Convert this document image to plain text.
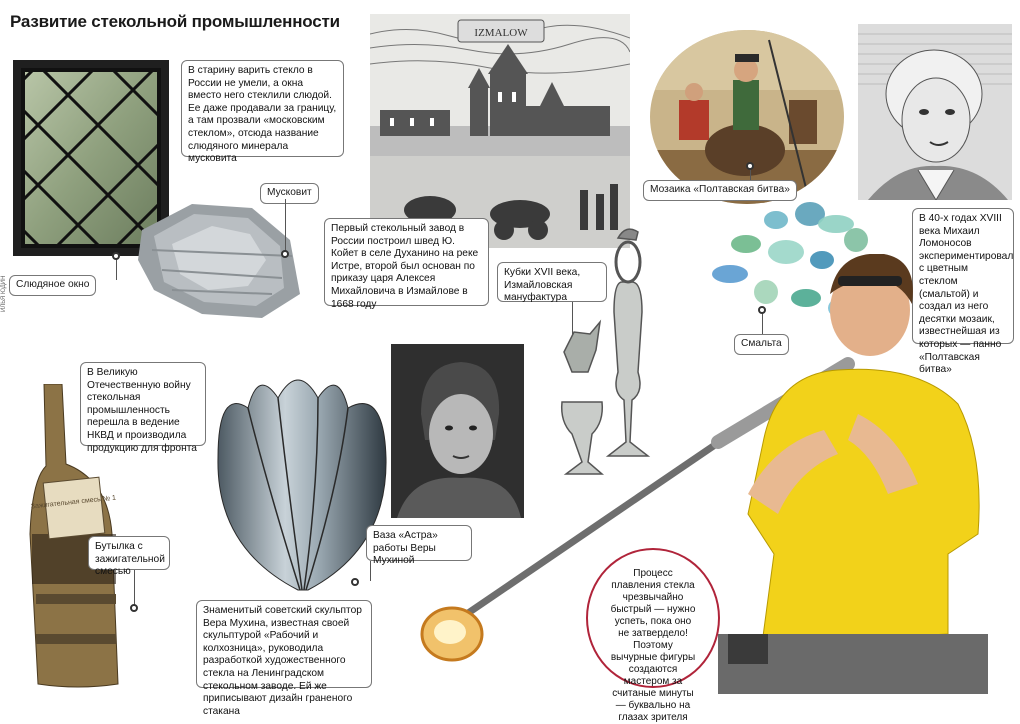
Развитие стекольной промышленности
ИЛЬЯ ЮДИН
В старину варить стекло в России не умели, а окна вместо него стеклили слюдой. Ее даже продавали за границу, а там прозвали «московским стеклом», отсюда название слюдяного минерала мусковита
Слюдяное окно
Мусковит
IZMALOW
Первый стекольный завод в России построил швед Ю. Койет в селе Духанино на реке Истре, второй был основан по приказу царя Алексея Михайловича в Измайлове в 1668 году
Мозаика «Полтавская битва»
Смальта
В 40-х годах XVIII века Михаил Ломоносов экспериментировал с цветным стеклом (смальтой) и создал из него десятки мозаик, известнейшая из которых — панно «Полтавская битва»
Кубки XVII века, Измайловская мануфактура
Ваза «Астра» работы Веры Мухиной
Знаменитый советский скульптор Вера Мухина, известная своей скульптурой «Рабочий и колхозница», руководила разработкой художественного стекла на Ленинградском стекольном заводе. Ей же приписывают дизайн граненого стакана
В Великую Отечественную войну стекольная промышленность перешла в ведение НКВД и производила продукцию для фронта
Зажигательная смесь № 1
Бутылка с зажигательной смесью	Процесс плавления стекла чрезвычайно быстрый — нужно успеть, пока оно не затвердело! Поэтому вычурные фигуры создаются мастером за считаные минуты — буквально на глазах зрителя
